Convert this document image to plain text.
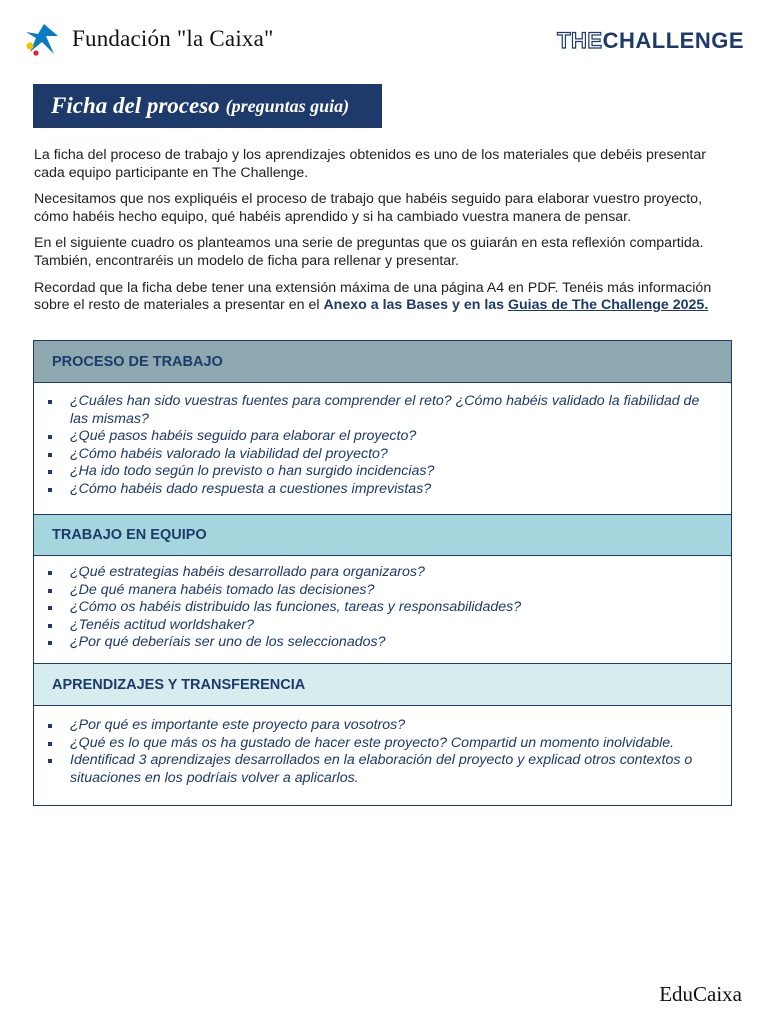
Fundación "la Caixa"	THECHALLENGE
Ficha del proceso (preguntas guia)

La ficha del proceso de trabajo y los aprendizajes obtenidos es uno de los materiales que debéis presentar cada equipo participante en The Challenge.

Necesitamos que nos expliquéis el proceso de trabajo que habéis seguido para elaborar vuestro proyecto, cómo habéis hecho equipo, qué habéis aprendido y si ha cambiado vuestra manera de pensar.

En el siguiente cuadro os planteamos una serie de preguntas que os guiarán en esta reflexión compartida. También, encontraréis un modelo de ficha para rellenar y presentar.

Recordad que la ficha debe tener una extensión máxima de una página A4 en PDF. Tenéis más información sobre el resto de materiales a presentar en el Anexo a las Bases y en las Guias de The Challenge 2025.

PROCESO DE TRABAJO
¿Cuáles han sido vuestras fuentes para comprender el reto? ¿Cómo habéis validado la fiabilidad de las mismas?
¿Qué pasos habéis seguido para elaborar el proyecto?
¿Cómo habéis valorado la viabilidad del proyecto?
¿Ha ido todo según lo previsto o han surgido incidencias?
¿Cómo habéis dado respuesta a cuestiones imprevistas?
TRABAJO EN EQUIPO
¿Qué estrategias habéis desarrollado para organizaros?
¿De qué manera habéis tomado las decisiones?
¿Cómo os habéis distribuido las funciones, tareas y responsabilidades?
¿Tenéis actitud worldshaker?
¿Por qué deberíais ser uno de los seleccionados?
APRENDIZAJES Y TRANSFERENCIA
¿Por qué es importante este proyecto para vosotros?
¿Qué es lo que más os ha gustado de hacer este proyecto? Compartid un momento inolvidable.
Identificad 3 aprendizajes desarrollados en la elaboración del proyecto y explicad otros contextos o situaciones en los podríais volver a aplicarlos.
EduCaixa
